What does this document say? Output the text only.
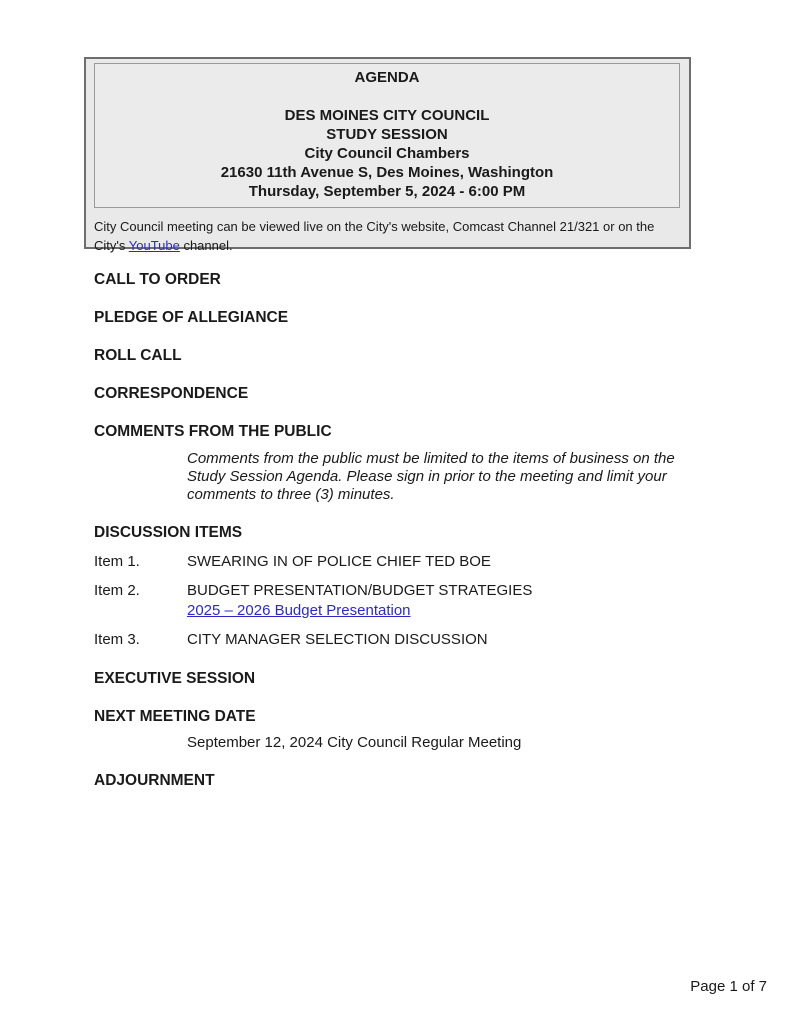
AGENDA
DES MOINES CITY COUNCIL
STUDY SESSION
City Council Chambers
21630 11th Avenue S, Des Moines, Washington
Thursday, September 5, 2024 - 6:00 PM

City Council meeting can be viewed live on the City's website, Comcast Channel 21/321 or on the City's YouTube channel.

CALL TO ORDER
PLEDGE OF ALLEGIANCE
ROLL CALL
CORRESPONDENCE
COMMENTS FROM THE PUBLIC

Comments from the public must be limited to the items of business on the Study Session Agenda. Please sign in prior to the meeting and limit your comments to three (3) minutes.

DISCUSSION ITEMS
Item 1.	SWEARING IN OF POLICE CHIEF TED BOE
Item 2.	BUDGET PRESENTATION/BUDGET STRATEGIES
2025 – 2026 Budget Presentation
Item 3.	CITY MANAGER SELECTION DISCUSSION
EXECUTIVE SESSION
NEXT MEETING DATE
September 12, 2024 City Council Regular Meeting
ADJOURNMENT
Page 1 of 7
